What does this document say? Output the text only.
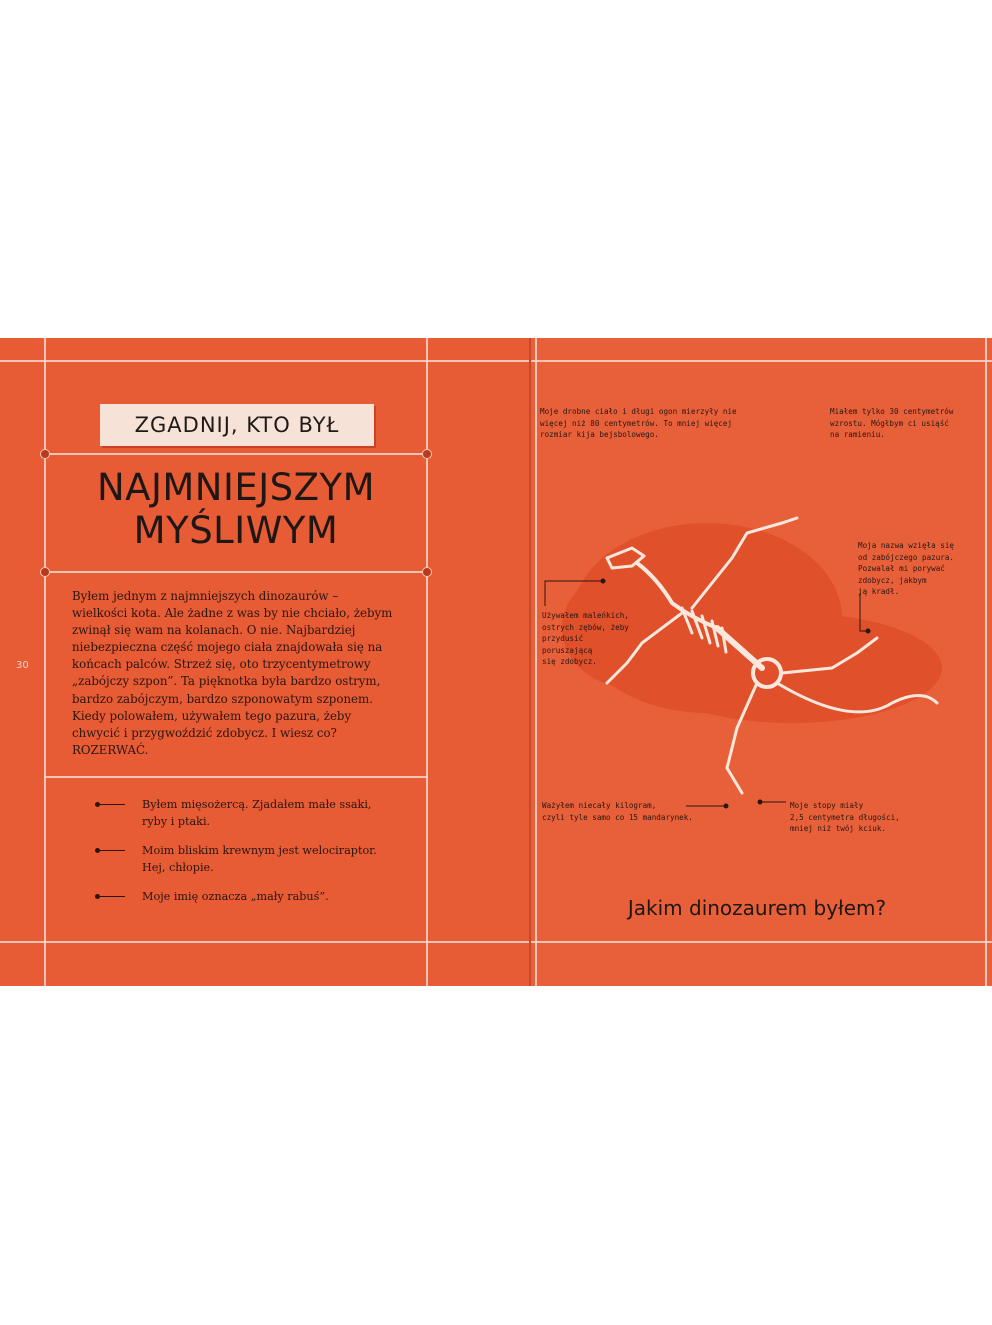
ZGADNIJ, KTO BYŁ
NAJMNIEJSZYM
MYŚLIWYM
30
Byłem jednym z najmniejszych dinozaurów – wielkości kota. Ale żadne z was by nie chciało, żebym zwinął się wam na kolanach. O nie. Najbardziej niebezpieczna część mojego ciała znajdowała się na końcach palców. Strzeż się, oto trzycentymetrowy „zabójczy szpon”. Ta pięknotka była bardzo ostrym, bardzo zabójczym, bardzo szponowatym szponem. Kiedy polowałem, używałem tego pazura, żeby chwycić i przygwoździć zdobycz. I wiesz co? ROZERWAĆ.
Byłem mięsożercą. Zjadałem małe ssaki, ryby i ptaki.
Moim bliskim krewnym jest welociraptor. Hej, chłopie.
Moje imię oznacza „mały rabuś”.
Moje drobne ciało i długi ogon mierzyły nie
więcej niż 80 centymetrów. To mniej więcej
rozmiar kija bejsbolowego.
Miałem tylko 30 centymetrów
wzrostu. Mógłbym ci usiąść
na ramieniu.
Używałem maleńkich,
ostrych zębów, żeby
przydusić
poruszającą
się zdobycz.
Moja nazwa wzięła się
od zabójczego pazura.
Pozwalał mi porywać
zdobycz, jakbym
ją kradł.
Ważyłem niecały kilogram,
czyli tyle samo co 15 mandarynek.
Moje stopy miały
2,5 centymetra długości,
mniej niż twój kciuk.
Jakim dinozaurem byłem?
